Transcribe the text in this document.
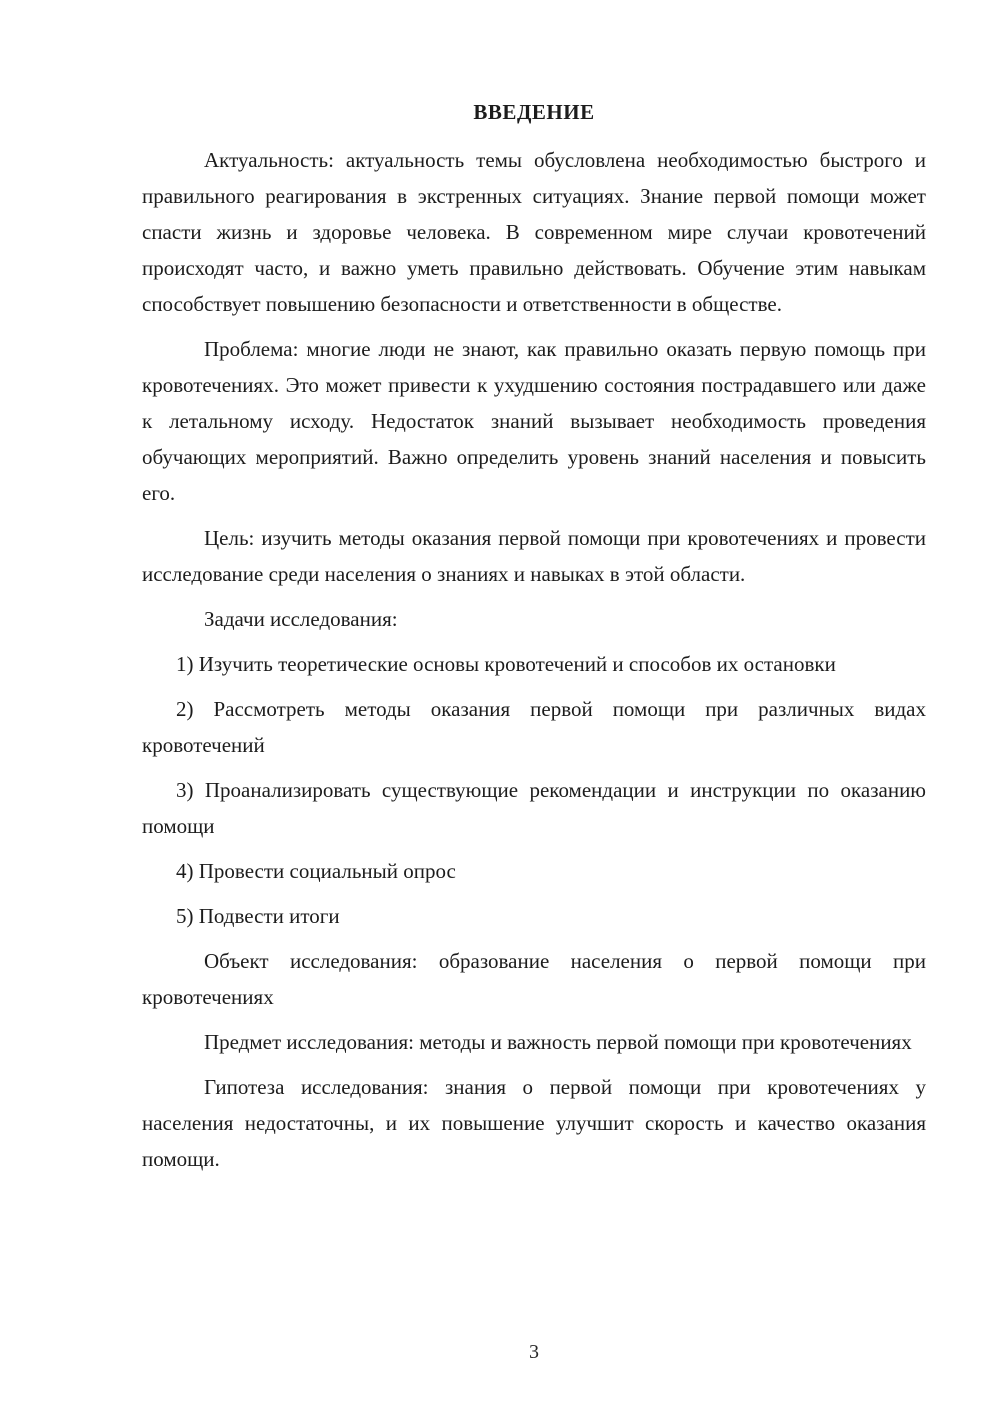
ВВЕДЕНИЕ

Актуальность: актуальность темы обусловлена необходимостью быстрого и правильного реагирования в экстренных ситуациях. Знание первой помощи может спасти жизнь и здоровье человека. В современном мире случаи кровотечений происходят часто, и важно уметь правильно действовать. Обучение этим навыкам способствует повышению безопасности и ответственности в обществе.

Проблема: многие люди не знают, как правильно оказать первую помощь при кровотечениях. Это может привести к ухудшению состояния пострадавшего или даже к летальному исходу. Недостаток знаний вызывает необходимость проведения обучающих мероприятий. Важно определить уровень знаний населения и повысить его.

Цель: изучить методы оказания первой помощи при кровотечениях и провести исследование среди населения о знаниях и навыках в этой области.

Задачи исследования:

1) Изучить теоретические основы кровотечений и способов их остановки

2) Рассмотреть методы оказания первой помощи при различных видах кровотечений

3) Проанализировать существующие рекомендации и инструкции по оказанию помощи

4) Провести социальный опрос

5) Подвести итоги

Объект исследования: образование населения о первой помощи при кровотечениях

Предмет исследования: методы и важность первой помощи при кровотечениях

Гипотеза исследования: знания о первой помощи при кровотечениях у населения недостаточны, и их повышение улучшит скорость и качество оказания помощи.

3
